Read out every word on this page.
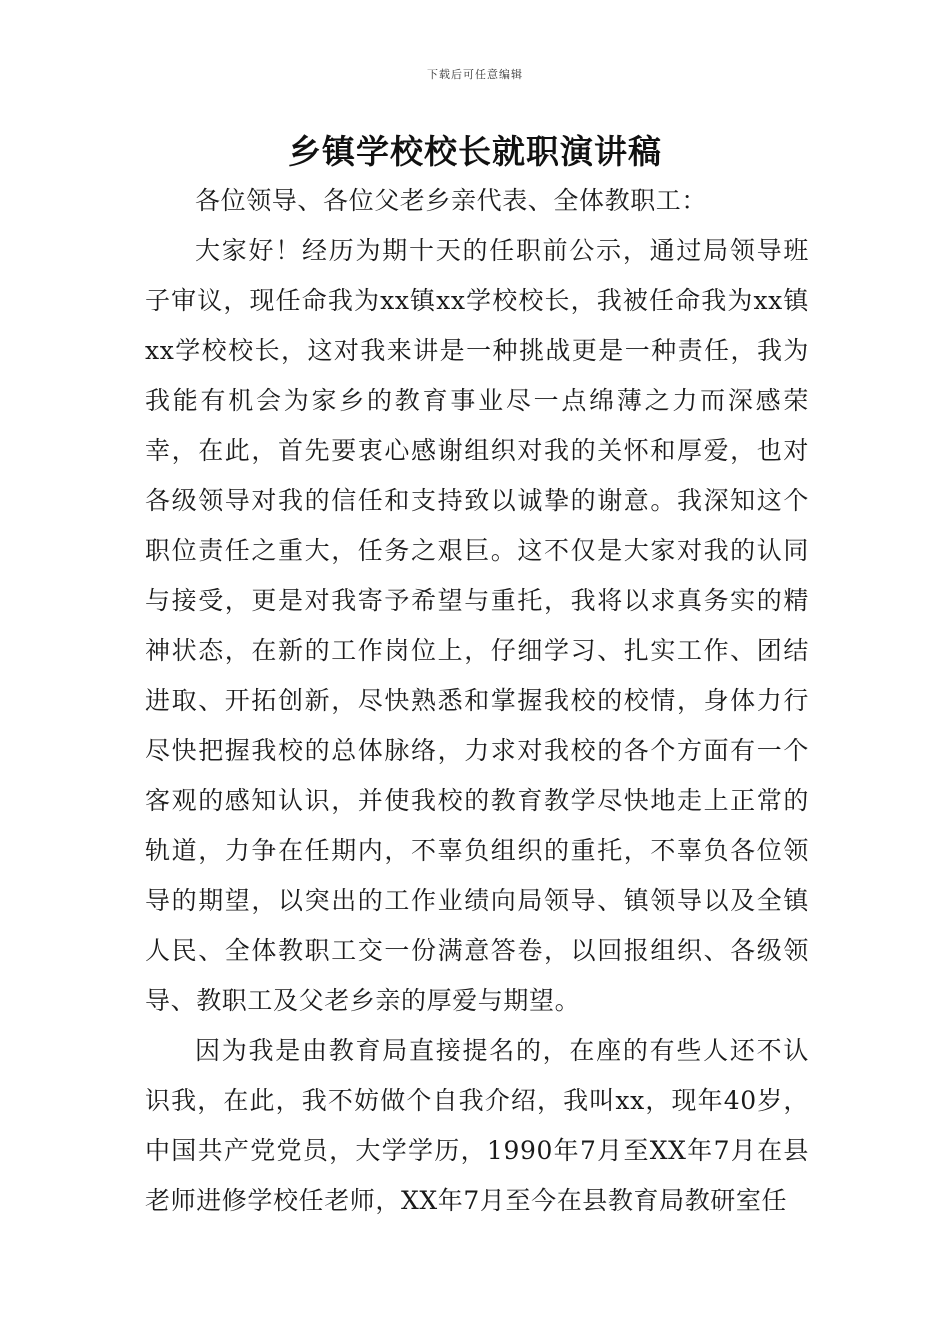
下载后可任意编辑
乡镇学校校长就职演讲稿

各位领导、各位父老乡亲代表、全体教职工：

大家好！经历为期十天的任职前公示，通过局领导班子审议，现任命我为xx镇xx学校校长，我被任命我为xx镇xx学校校长，这对我来讲是一种挑战更是一种责任，我为我能有机会为家乡的教育事业尽一点绵薄之力而深感荣幸，在此，首先要衷心感谢组织对我的关怀和厚爱，也对各级领导对我的信任和支持致以诚挚的谢意。我深知这个职位责任之重大，任务之艰巨。这不仅是大家对我的认同与接受，更是对我寄予希望与重托，我将以求真务实的精神状态，在新的工作岗位上，仔细学习、扎实工作、团结进取、开拓创新，尽快熟悉和掌握我校的校情，身体力行尽快把握我校的总体脉络，力求对我校的各个方面有一个客观的感知认识，并使我校的教育教学尽快地走上正常的轨道，力争在任期内，不辜负组织的重托，不辜负各位领导的期望，以突出的工作业绩向局领导、镇领导以及全镇人民、全体教职工交一份满意答卷，以回报组织、各级领导、教职工及父老乡亲的厚爱与期望。

因为我是由教育局直接提名的，在座的有些人还不认识我，在此，我不妨做个自我介绍，我叫xx，现年40岁，中国共产党党员，大学学历，1990年7月至XX年7月在县老师进修学校任老师，XX年7月至今在县教育局教研室任
